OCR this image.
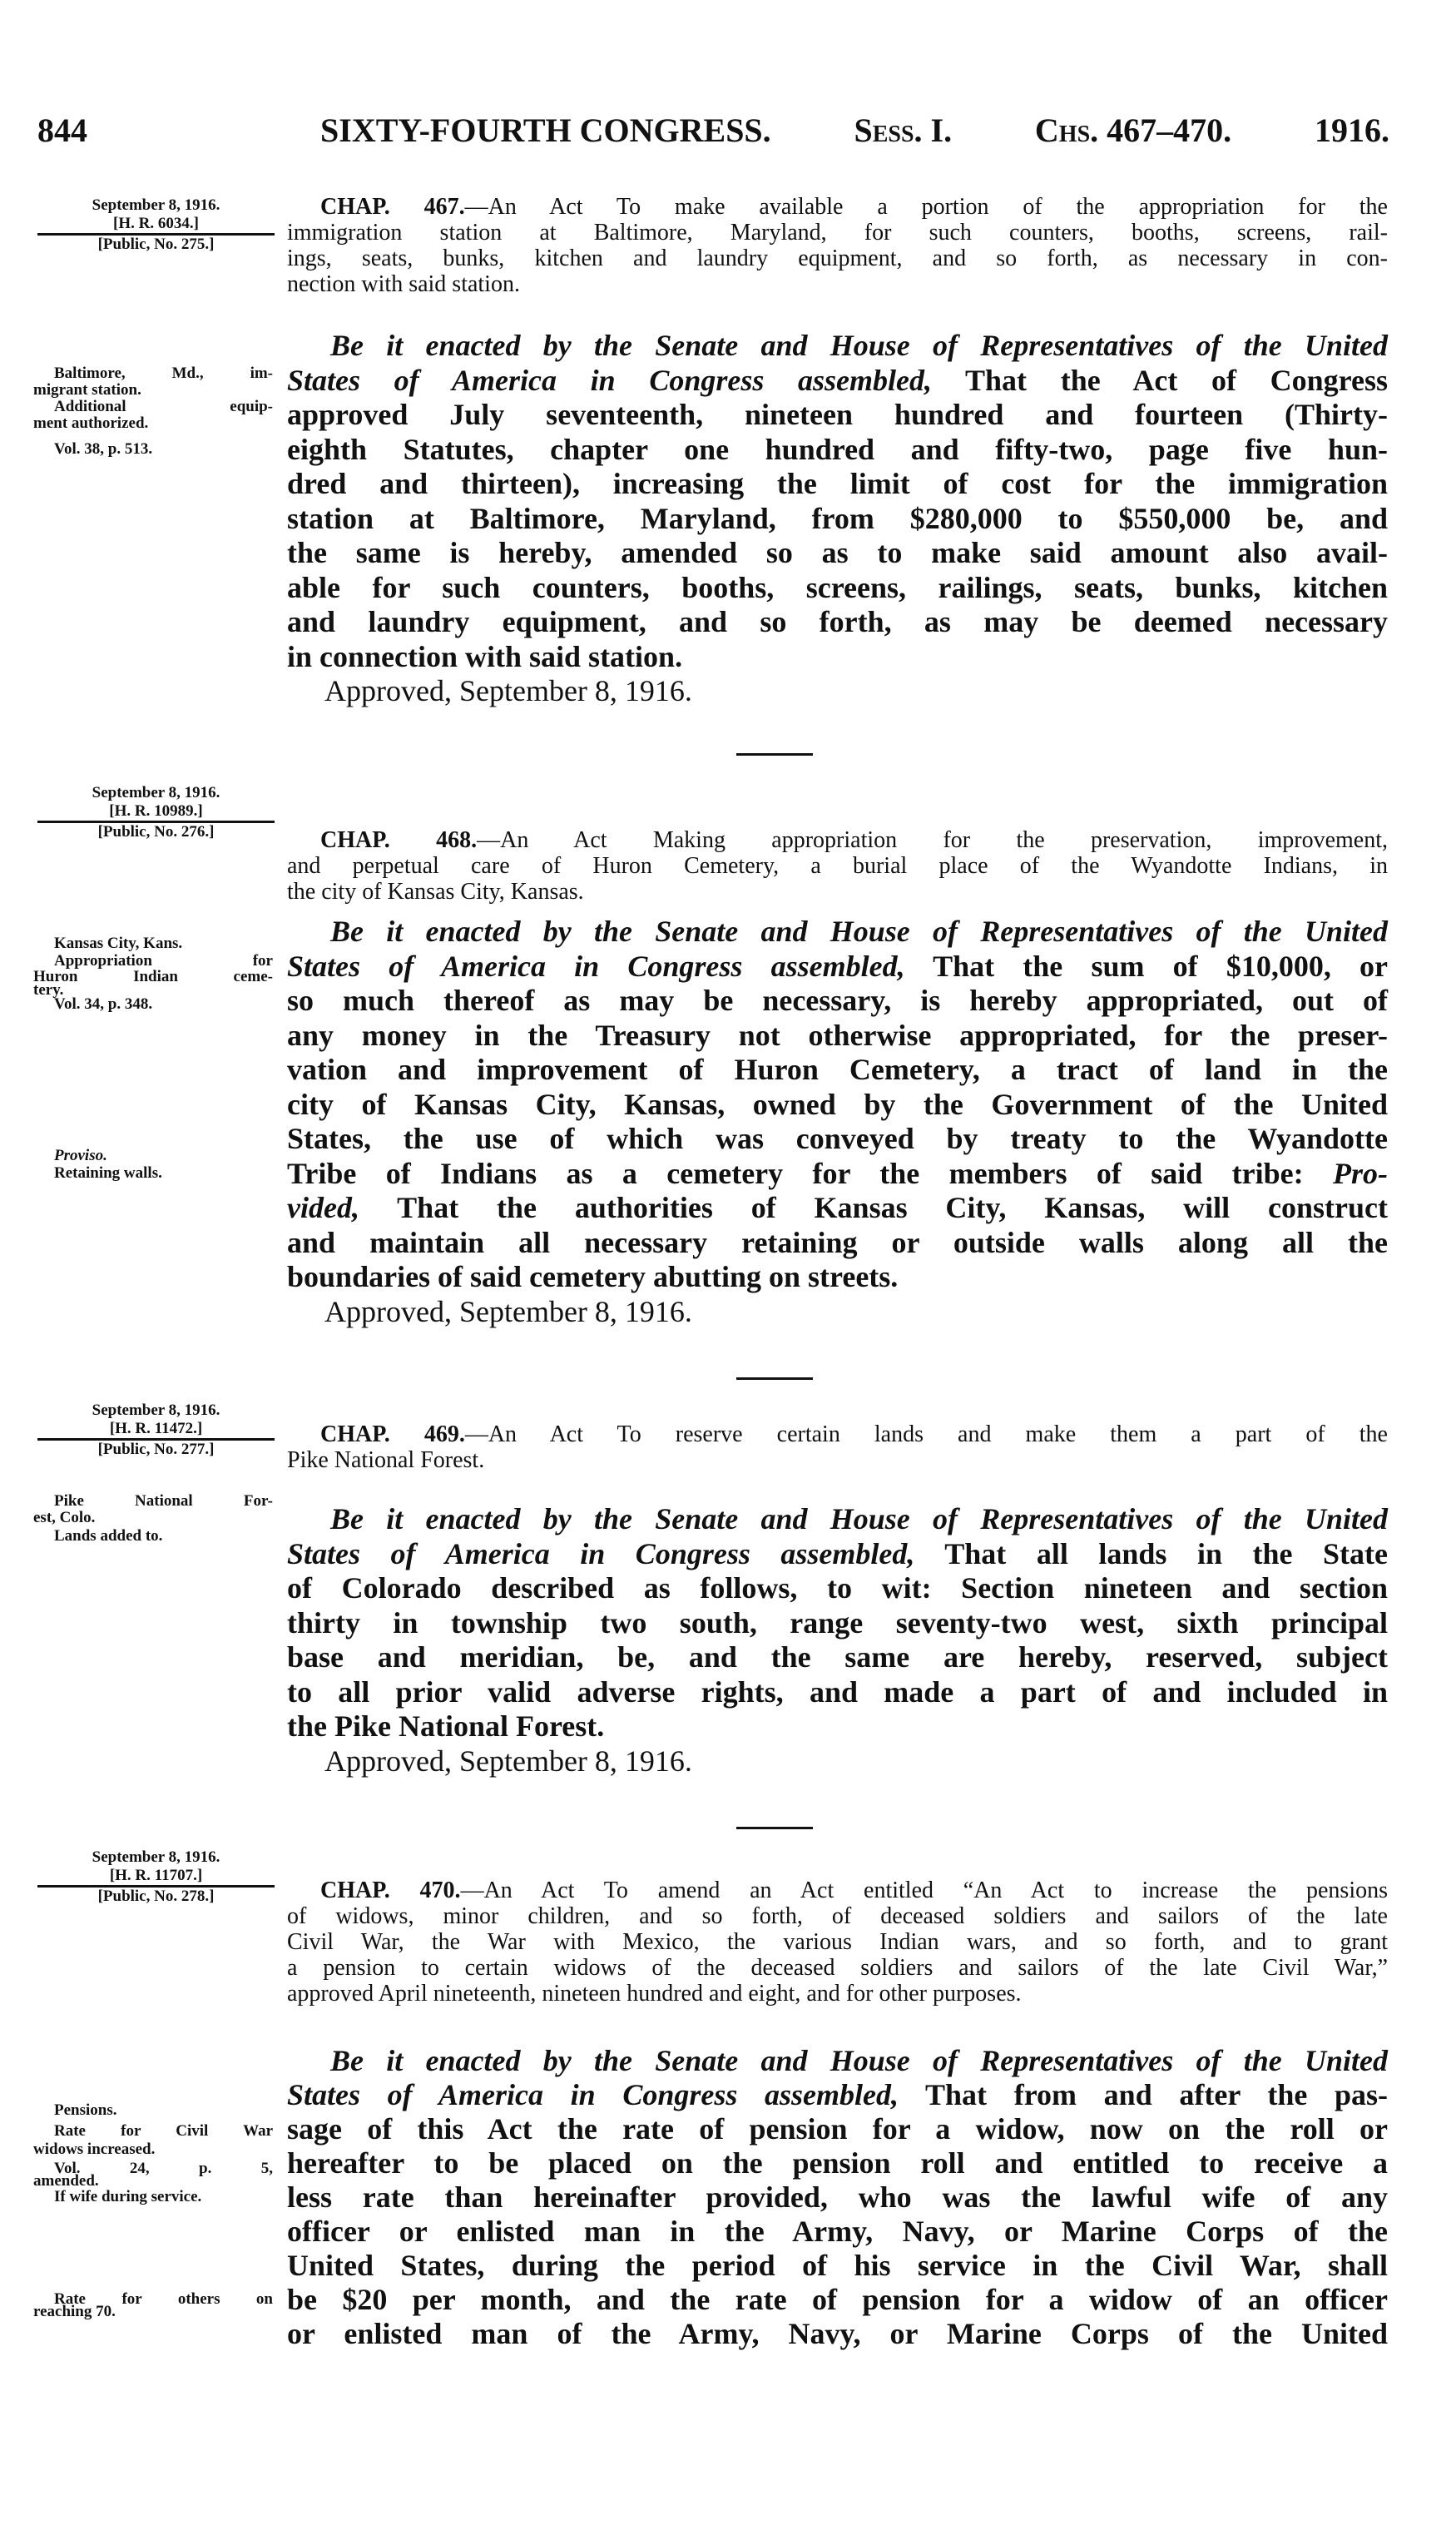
844	SIXTY-FOURTH CONGRESS. Sess. I. Chs. 467–470. 1916.
September 8, 1916.
[H. R. 6034.]
[Public, No. 275.]
Baltimore, Md., im-
migrant station.
Additional equip-
ment authorized.
Vol. 38, p. 513.
CHAP. 467.—An Act To make available a portion of the appropriation for the
immigration station at Baltimore, Maryland, for such counters, booths, screens, rail-
ings, seats, bunks, kitchen and laundry equipment, and so forth, as necessary in con-
nection with said station.
Be it enacted by the Senate and House of Representatives of the United
States of America in Congress assembled, That the Act of Congress
approved July seventeenth, nineteen hundred and fourteen (Thirty-
eighth Statutes, chapter one hundred and fifty-two, page five hun-
dred and thirteen), increasing the limit of cost for the immigration
station at Baltimore, Maryland, from $280,000 to $550,000 be, and
the same is hereby, amended so as to make said amount also avail-
able for such counters, booths, screens, railings, seats, bunks, kitchen
and laundry equipment, and so forth, as may be deemed necessary
in connection with said station.
Approved, September 8, 1916.
September 8, 1916.
[H. R. 10989.]
[Public, No. 276.]
Kansas City, Kans.
Appropriation for
Huron Indian ceme-
tery.
Vol. 34, p. 348.
Proviso.
Retaining walls.
CHAP. 468.—An Act Making appropriation for the preservation, improvement,
and perpetual care of Huron Cemetery, a burial place of the Wyandotte Indians, in
the city of Kansas City, Kansas.
Be it enacted by the Senate and House of Representatives of the United
States of America in Congress assembled, That the sum of $10,000, or
so much thereof as may be necessary, is hereby appropriated, out of
any money in the Treasury not otherwise appropriated, for the preser-
vation and improvement of Huron Cemetery, a tract of land in the
city of Kansas City, Kansas, owned by the Government of the United
States, the use of which was conveyed by treaty to the Wyandotte
Tribe of Indians as a cemetery for the members of said tribe: Pro-
vided, That the authorities of Kansas City, Kansas, will construct
and maintain all necessary retaining or outside walls along all the
boundaries of said cemetery abutting on streets.
Approved, September 8, 1916.
September 8, 1916.
[H. R. 11472.]
[Public, No. 277.]
Pike National For-
est, Colo.
Lands added to.
CHAP. 469.—An Act To reserve certain lands and make them a part of the
Pike National Forest.
Be it enacted by the Senate and House of Representatives of the United
States of America in Congress assembled, That all lands in the State
of Colorado described as follows, to wit: Section nineteen and section
thirty in township two south, range seventy-two west, sixth principal
base and meridian, be, and the same are hereby, reserved, subject
to all prior valid adverse rights, and made a part of and included in
the Pike National Forest.
Approved, September 8, 1916.
September 8, 1916.
[H. R. 11707.]
[Public, No. 278.]
Pensions.
Rate for Civil War
widows increased.
Vol. 24, p. 5,
amended.
If wife during service.
Rate for others on
reaching 70.
CHAP. 470.—An Act To amend an Act entitled “An Act to increase the pensions
of widows, minor children, and so forth, of deceased soldiers and sailors of the late
Civil War, the War with Mexico, the various Indian wars, and so forth, and to grant
a pension to certain widows of the deceased soldiers and sailors of the late Civil War,”
approved April nineteenth, nineteen hundred and eight, and for other purposes.
Be it enacted by the Senate and House of Representatives of the United
States of America in Congress assembled, That from and after the pas-
sage of this Act the rate of pension for a widow, now on the roll or
hereafter to be placed on the pension roll and entitled to receive a
less rate than hereinafter provided, who was the lawful wife of any
officer or enlisted man in the Army, Navy, or Marine Corps of the
United States, during the period of his service in the Civil War, shall
be $20 per month, and the rate of pension for a widow of an officer
or enlisted man of the Army, Navy, or Marine Corps of the United
